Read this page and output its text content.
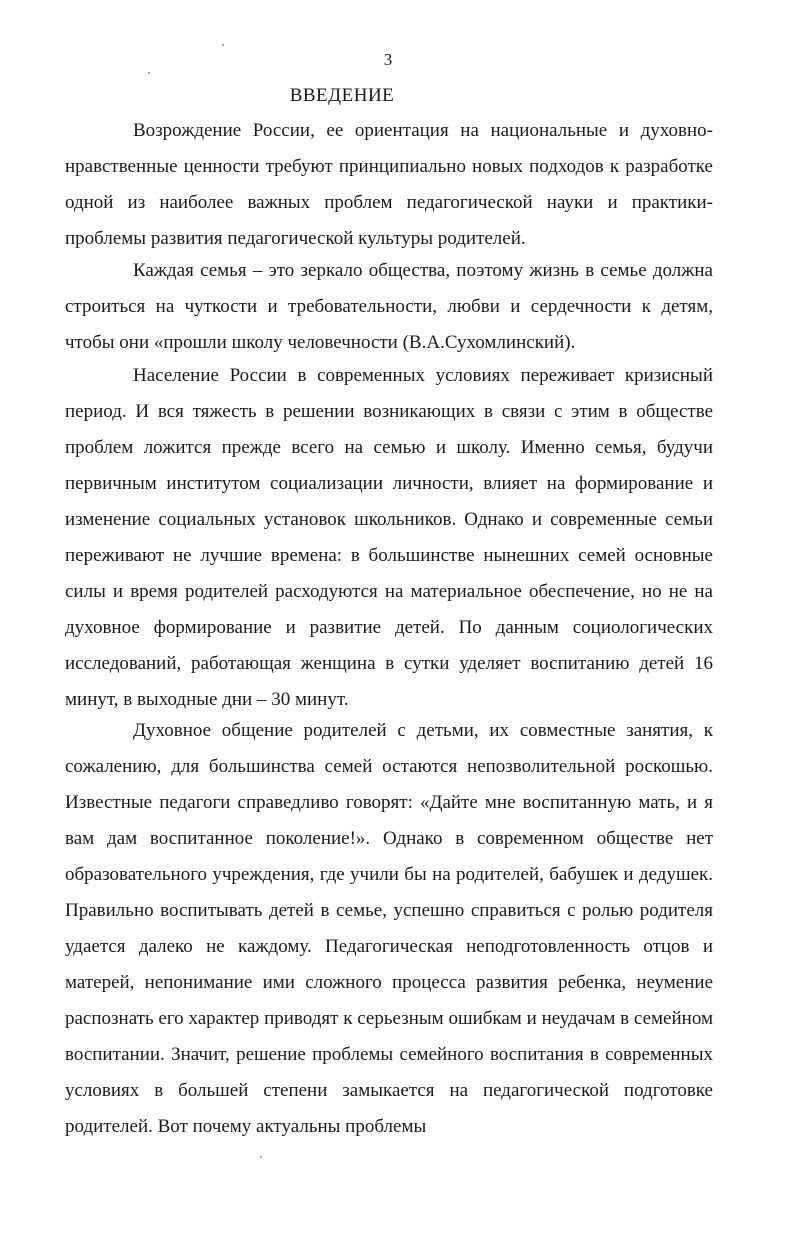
3
ВВЕДЕНИЕ

Возрождение России, ее ориентация на национальные и духовно-нравственные ценности требуют принципиально новых подходов к разработке одной из наиболее важных проблем педагогической науки и практики-проблемы развития педагогической культуры родителей.

Каждая семья – это зеркало общества, поэтому жизнь в семье должна строиться на чуткости и требовательности, любви и сердечности к детям, чтобы они «прошли школу человечности (В.А.Сухомлинский).

Население России в современных условиях переживает кризисный период. И вся тяжесть в решении возникающих в связи с этим в обществе проблем ложится прежде всего на семью и школу. Именно семья, будучи первичным институтом социализации личности, влияет на формирование и изменение социальных установок школьников. Однако и современные семьи переживают не лучшие времена: в большинстве нынешних семей основные силы и время родителей расходуются на материальное обеспечение, но не на духовное формирование и развитие детей. По данным социологических исследований, работающая женщина в сутки уделяет воспитанию детей 16 минут, в выходные дни – 30 минут.

Духовное общение родителей с детьми, их совместные занятия, к сожалению, для большинства семей остаются непозволительной роскошью. Известные педагоги справедливо говорят: «Дайте мне воспитанную мать, и я вам дам воспитанное поколение!». Однако в современном обществе нет образовательного учреждения, где учили бы на родителей, бабушек и дедушек. Правильно воспитывать детей в семье, успешно справиться с ролью родителя удается далеко не каждому. Педагогическая неподготовленность отцов и матерей, непонимание ими сложного процесса развития ребенка, неумение распознать его характер приводят к серьезным ошибкам и неудачам в семейном воспитании. Значит, решение проблемы семейного воспитания в современных условиях в большей степени замыкается на педагогической подготовке родителей. Вот почему актуальны проблемы
